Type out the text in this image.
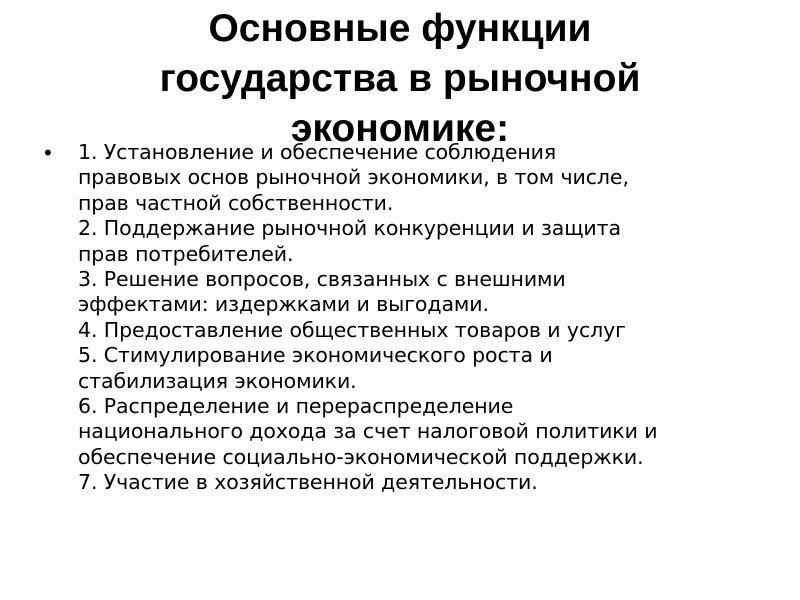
Основные функции
государства в рыночной
экономике:
• 1. Установление и обеспечение соблюдения
правовых основ рыночной экономики, в том числе,
прав частной собственности.
2. Поддержание рыночной конкуренции и защита
прав потребителей.
3. Решение вопросов, связанных с внешними
эффектами: издержками и выгодами.
4. Предоставление общественных товаров и услуг
5. Стимулирование экономического роста и
стабилизация экономики.
6. Распределение и перераспределение
национального дохода за счет налоговой политики и
обеспечение социально-экономической поддержки.
7. Участие в хозяйственной деятельности.
